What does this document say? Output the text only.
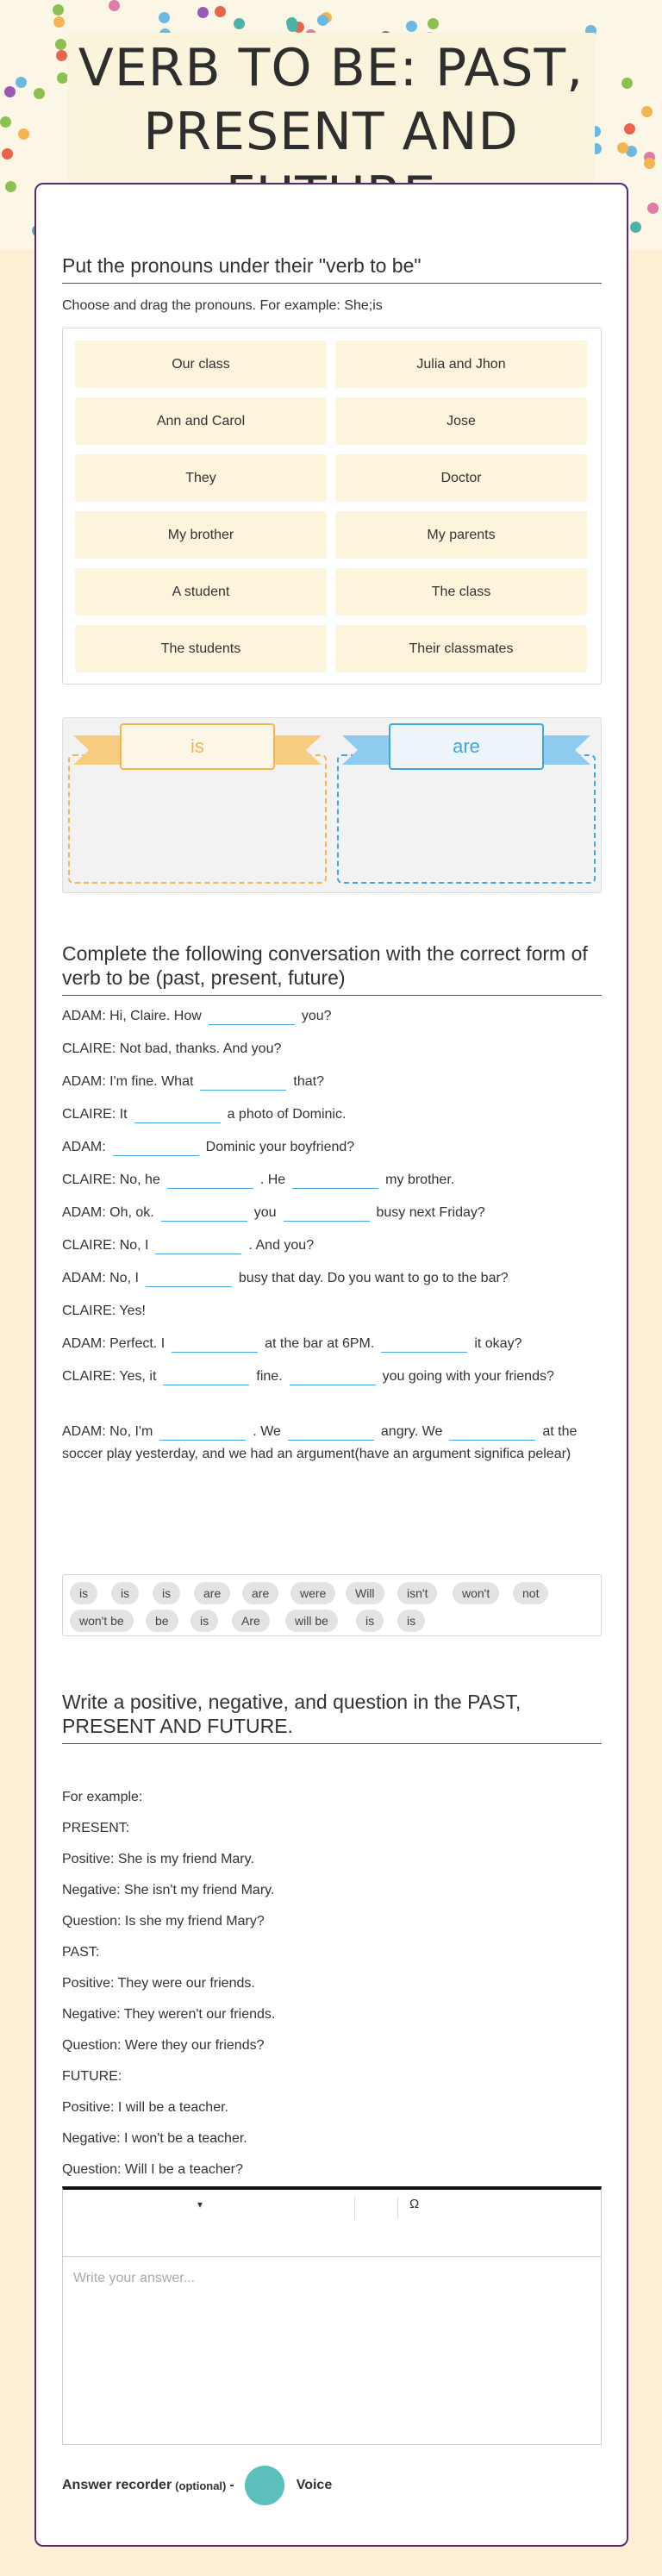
VERB TO BE: PAST, PRESENT AND
Put the pronouns under their "verb to be"
Choose and drag the pronouns. For example: She;is
Our class	Julia and Jhon
Ann and Carol	Jose
They	Doctor
My brother	My parents
A student	The class
The students	Their classmates
is	are
Complete the following conversation with the correct form of verb to be (past, present, future)
ADAM: Hi, Claire. How	you?
CLAIRE: Not bad, thanks. And you?
ADAM: I'm fine. What	that?
CLAIRE: It	a photo of Dominic.
ADAM:	Dominic your boyfriend?
CLAIRE: No, he	. He	my brother.
ADAM: Oh, ok.	you	busy next Friday?
CLAIRE: No, I	. And you?
ADAM: No, I	busy that day. Do you want to go to the bar?
CLAIRE: Yes!
ADAM: Perfect. I	at the bar at 6PM.	it okay?
CLAIRE: Yes, it	fine.	you going with your friends?
ADAM: No, I'm	. We	angry. We	at the soccer play yesterday, and we had an argument(have an argument significa pelear)
is	is	is	are	are	were	Will	isn't	won't	not
won't be	be	is	Are	will be	is	is
Write a positive, negative, and question in the PAST, PRESENT AND FUTURE.
For example:
PRESENT:
Positive: She is my friend Mary.
Negative: She isn't my friend Mary.
Question: Is she my friend Mary?
PAST:
Positive: They were our friends.
Negative: They weren't our friends.
Question: Were they our friends?
FUTURE:
Positive: I will be a teacher.
Negative: I won't be a teacher.
Question: Will I be a teacher?
▾	Ω
Write your answer...
Answer recorder (optional) -	Voice
